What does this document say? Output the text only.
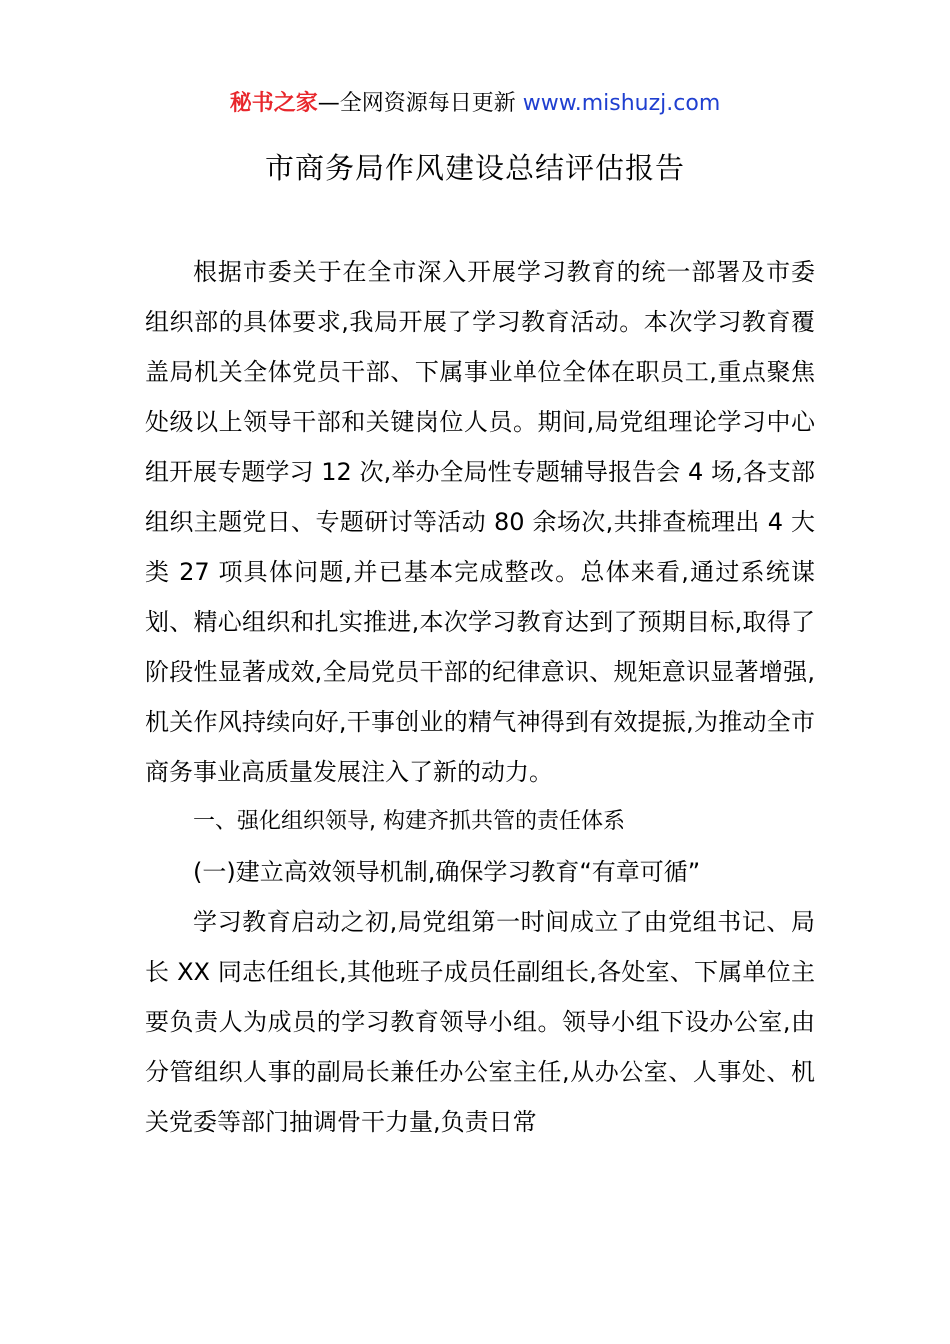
秘书之家—全网资源每日更新 www.mishuzj.com
市商务局作风建设总结评估报告

根据市委关于在全市深入开展学习教育的统一部署及市委组织部的具体要求,我局开展了学习教育活动。本次学习教育覆盖局机关全体党员干部、下属事业单位全体在职员工,重点聚焦处级以上领导干部和关键岗位人员。期间,局党组理论学习中心组开展专题学习 12 次,举办全局性专题辅导报告会 4 场,各支部组织主题党日、专题研讨等活动 80 余场次,共排查梳理出 4 大类 27 项具体问题,并已基本完成整改。总体来看,通过系统谋划、精心组织和扎实推进,本次学习教育达到了预期目标,取得了阶段性显著成效,全局党员干部的纪律意识、规矩意识显著增强,机关作风持续向好,干事创业的精气神得到有效提振,为推动全市商务事业高质量发展注入了新的动力。

一、强化组织领导, 构建齐抓共管的责任体系

(一)建立高效领导机制,确保学习教育“有章可循”

学习教育启动之初,局党组第一时间成立了由党组书记、局长 XX 同志任组长,其他班子成员任副组长,各处室、下属单位主要负责人为成员的学习教育领导小组。领导小组下设办公室,由分管组织人事的副局长兼任办公室主任,从办公室、人事处、机关党委等部门抽调骨干力量,负责日常
